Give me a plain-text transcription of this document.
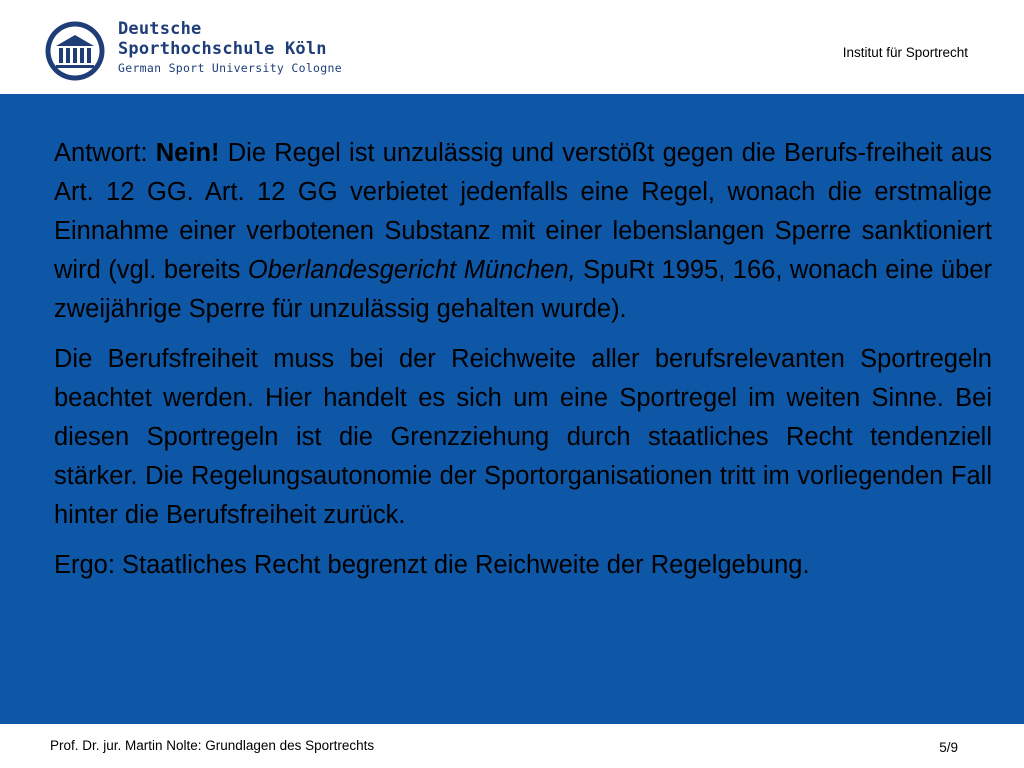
Deutsche
Sporthochschule Köln
German Sport University Cologne
Institut für Sportrecht

Antwort: Nein! Die Regel ist unzulässig und verstößt gegen die Berufs-freiheit aus Art. 12 GG. Art. 12 GG verbietet jedenfalls eine Regel, wonach die erstmalige Einnahme einer verbotenen Substanz mit einer lebenslangen Sperre sanktioniert wird (vgl. bereits Oberlandesgericht München, SpuRt 1995, 166, wonach eine über zweijährige Sperre für unzulässig gehalten wurde).

Die Berufsfreiheit muss bei der Reichweite aller berufsrelevanten Sportregeln beachtet werden. Hier handelt es sich um eine Sportregel im weiten Sinne. Bei diesen Sportregeln ist die Grenzziehung durch staatliches Recht tendenziell stärker. Die Regelungsautonomie der Sportorganisationen tritt im vorliegenden Fall hinter die Berufsfreiheit zurück.

Ergo: Staatliches Recht begrenzt die Reichweite der Regelgebung.

Prof. Dr. jur. Martin Nolte: Grundlagen des Sportrechts	5/9
